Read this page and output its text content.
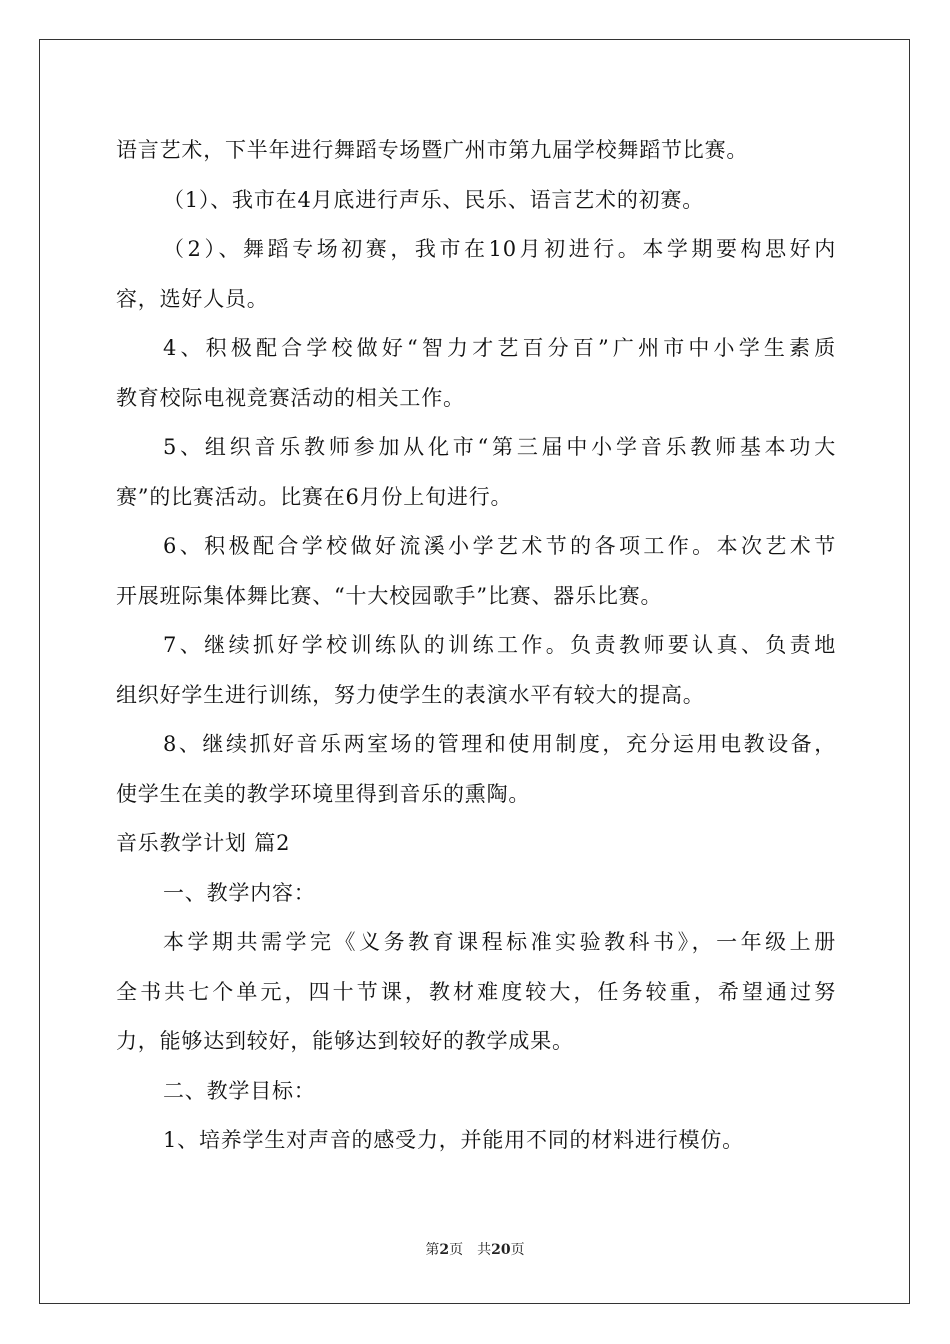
语言艺术，下半年进行舞蹈专场暨广州市第九届学校舞蹈节比赛。
（1）、我市在4月底进行声乐、民乐、语言艺术的初赛。
（2）、舞蹈专场初赛，我市在10月初进行。本学期要构思好内
容，选好人员。
4、积极配合学校做好“智力才艺百分百”广州市中小学生素质
教育校际电视竞赛活动的相关工作。
5、组织音乐教师参加从化市“第三届中小学音乐教师基本功大
赛”的比赛活动。比赛在6月份上旬进行。
6、积极配合学校做好流溪小学艺术节的各项工作。本次艺术节
开展班际集体舞比赛、“十大校园歌手”比赛、器乐比赛。
7、继续抓好学校训练队的训练工作。负责教师要认真、负责地
组织好学生进行训练，努力使学生的表演水平有较大的提高。
8、继续抓好音乐两室场的管理和使用制度，充分运用电教设备，
使学生在美的教学环境里得到音乐的熏陶。
音乐教学计划 篇2
一、教学内容：
本学期共需学完《义务教育课程标准实验教科书》，一年级上册
全书共七个单元，四十节课，教材难度较大，任务较重，希望通过努
力，能够达到较好，能够达到较好的教学成果。
二、教学目标：
1、培养学生对声音的感受力，并能用不同的材料进行模仿。
第2页 共20页
